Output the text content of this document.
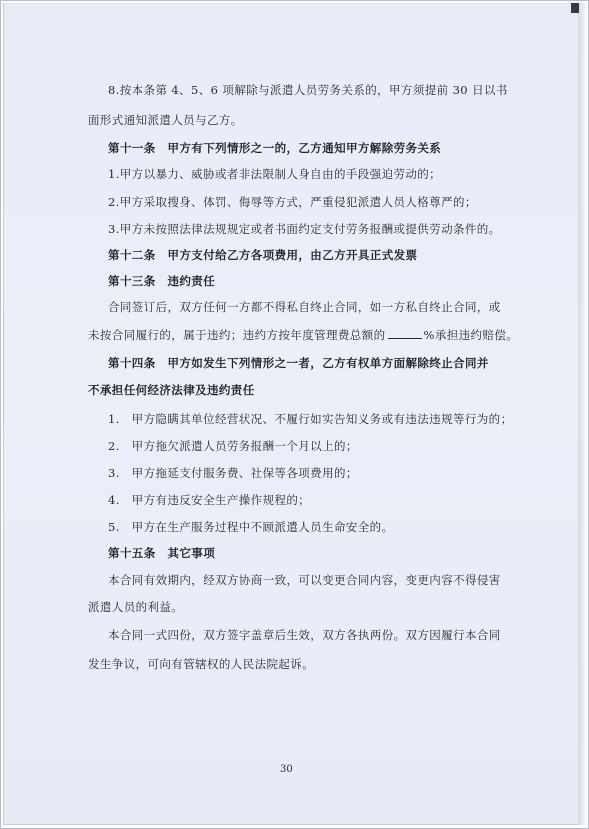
8.按本条第 4、5、6 项解除与派遣人员劳务关系的，甲方须提前 30 日以书
面形式通知派遣人员与乙方。
第十一条　甲方有下列情形之一的，乙方通知甲方解除劳务关系
1.甲方以暴力、威胁或者非法限制人身自由的手段强迫劳动的；
2.甲方采取搜身、体罚、侮辱等方式，严重侵犯派遣人员人格尊严的；
3.甲方未按照法律法规规定或者书面约定支付劳务报酬或提供劳动条件的。
第十二条　甲方支付给乙方各项费用，由乙方开具正式发票
第十三条　违约责任
合同签订后，双方任何一方都不得私自终止合同，如一方私自终止合同，或
未按合同履行的，属于违约；违约方按年度管理费总额的	%承担违约赔偿。
第十四条　甲方如发生下列情形之一者，乙方有权单方面解除终止合同并
不承担任何经济法律及违约责任
1.　甲方隐瞒其单位经营状况、不履行如实告知义务或有违法违规等行为的；
2.　甲方拖欠派遣人员劳务报酬一个月以上的；
3.　甲方拖延支付服务费、社保等各项费用的；
4.　甲方有违反安全生产操作规程的；
5.　甲方在生产服务过程中不顾派遣人员生命安全的。
第十五条　其它事项
本合同有效期内，经双方协商一致，可以变更合同内容，变更内容不得侵害
派遣人员的利益。
本合同一式四份，双方签字盖章后生效，双方各执两份。双方因履行本合同
发生争议，可向有管辖权的人民法院起诉。
30
